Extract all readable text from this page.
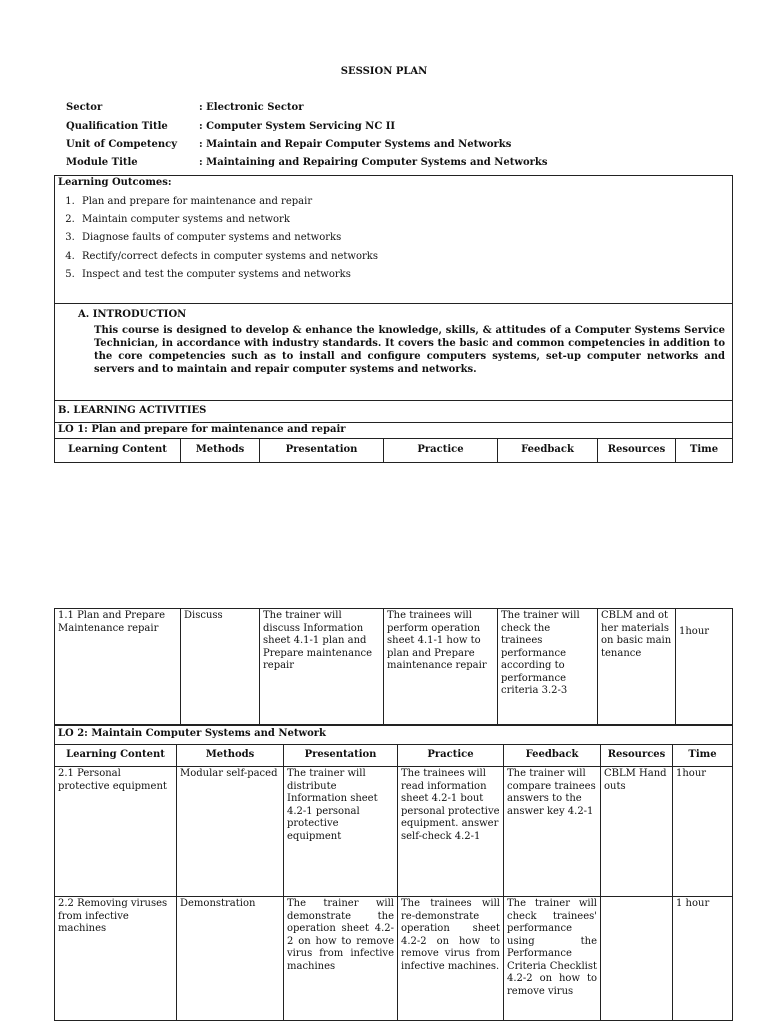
SESSION PLAN
Sector	: Electronic Sector
Qualification Title	: Computer System Servicing NC II
Unit of Competency : Maintain and Repair Computer Systems and Networks
Module Title	: Maintaining and Repairing Computer Systems and Networks
Learning Outcomes:
1. Plan and prepare for maintenance and repair
2. Maintain computer systems and network
3. Diagnose faults of computer systems and networks
4. Rectify/correct defects in computer systems and networks
5. Inspect and test the computer systems and networks

A. INTRODUCTION
This course is designed to develop & enhance the knowledge, skills, & attitudes of a Computer Systems Service Technician, in accordance with industry standards. It covers the basic and common competencies in addition to the core competencies such as to install and configure computers systems, set-up computer networks and servers and to maintain and repair computer systems and networks.

B. LEARNING ACTIVITIES
LO 1: Plan and prepare for maintenance and repair
Learning Content	Methods	Presentation	Practice	Feedback	Resources	Time
1.1 Plan and Prepare Maintenance repair	Discuss	The trainer will discuss Information sheet 4.1-1 plan and Prepare maintenance repair	The trainees will perform operation sheet 4.1-1 how to plan and Prepare maintenance repair	The trainer will check the trainees performance according to performance criteria 3.2-3	CBLM and other materials on basic maintenance	1hour
LO 2: Maintain Computer Systems and Network						
Learning Content	Methods	Presentation	Practice	Feedback	Resources	Time
2.1 Personal protective equipment	Modular self-paced	The trainer will distribute Information sheet 4.2-1 personal protective equipment	The trainees will read information sheet 4.2-1 bout personal protective equipment. answer self-check 4.2-1	The trainer will compare trainees answers to the answer key 4.2-1	CBLM Hand outs	1hour
2.2 Removing viruses from infective machines	Demonstration	The trainer will demonstrate the operation sheet 4.2-2 on how to remove virus from infective machines	The trainees will re-demonstrate operation sheet 4.2-2 on how to remove virus from infective machines.	The trainer will check trainees' performance using the Performance Criteria Checklist 4.2-2 on how to remove virus		1 hour
